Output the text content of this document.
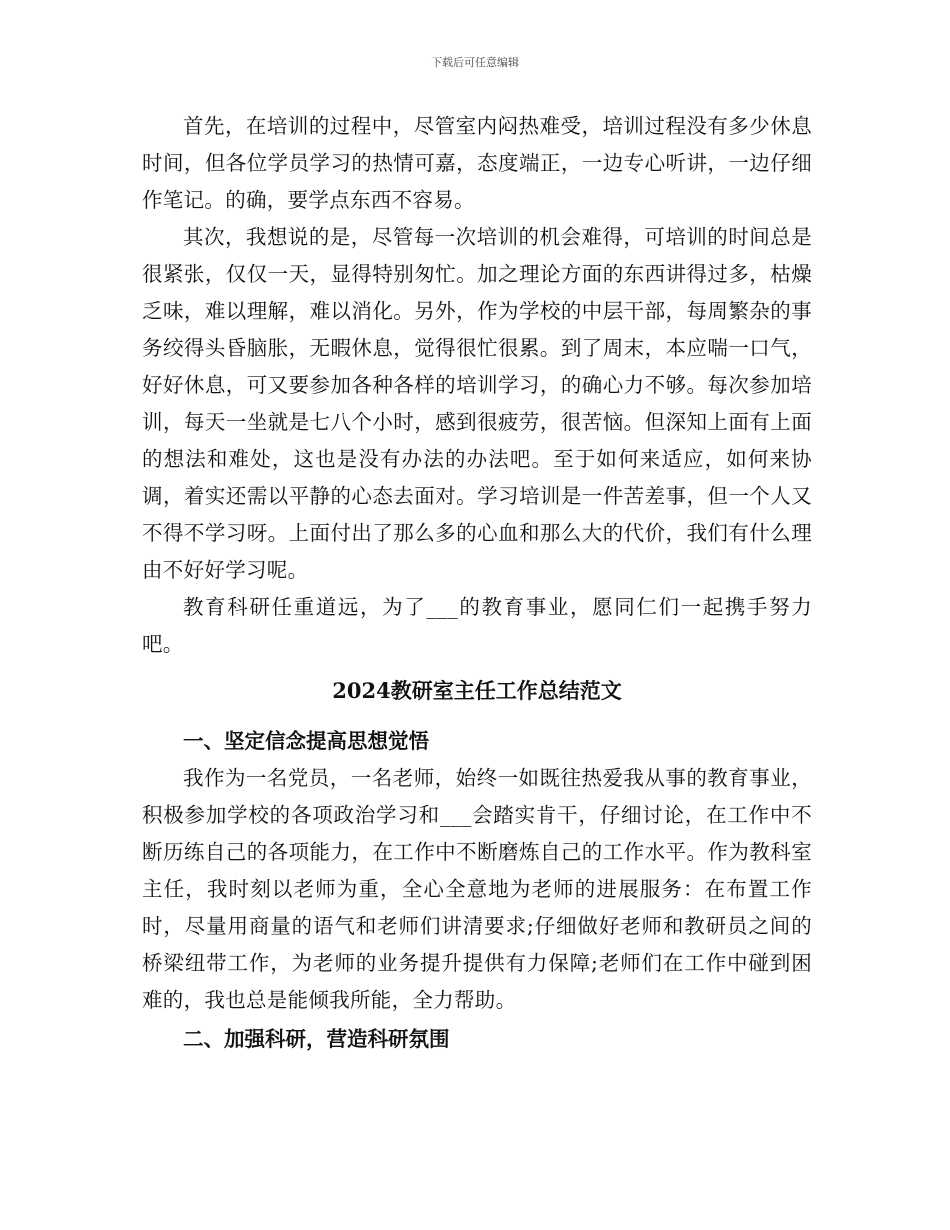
下载后可任意编辑

首先，在培训的过程中，尽管室内闷热难受，培训过程没有多少休息时间，但各位学员学习的热情可嘉，态度端正，一边专心听讲，一边仔细作笔记。的确，要学点东西不容易。

其次，我想说的是，尽管每一次培训的机会难得，可培训的时间总是很紧张，仅仅一天，显得特别匆忙。加之理论方面的东西讲得过多，枯燥乏味，难以理解，难以消化。另外，作为学校的中层干部，每周繁杂的事务绞得头昏脑胀，无暇休息，觉得很忙很累。到了周末，本应喘一口气，好好休息，可又要参加各种各样的培训学习，的确心力不够。每次参加培训，每天一坐就是七八个小时，感到很疲劳，很苦恼。但深知上面有上面的想法和难处，这也是没有办法的办法吧。至于如何来适应，如何来协调，着实还需以平静的心态去面对。学习培训是一件苦差事，但一个人又不得不学习呀。上面付出了那么多的心血和那么大的代价，我们有什么理由不好好学习呢。

教育科研任重道远，为了___的教育事业，愿同仁们一起携手努力吧。

2024教研室主任工作总结范文
一、坚定信念提高思想觉悟

我作为一名党员，一名老师，始终一如既往热爱我从事的教育事业，积极参加学校的各项政治学习和___会踏实肯干，仔细讨论，在工作中不断历练自己的各项能力，在工作中不断磨炼自己的工作水平。作为教科室主任，我时刻以老师为重，全心全意地为老师的进展服务：在布置工作时，尽量用商量的语气和老师们讲清要求;仔细做好老师和教研员之间的桥梁纽带工作，为老师的业务提升提供有力保障;老师们在工作中碰到困难的，我也总是能倾我所能，全力帮助。

二、加强科研，营造科研氛围
